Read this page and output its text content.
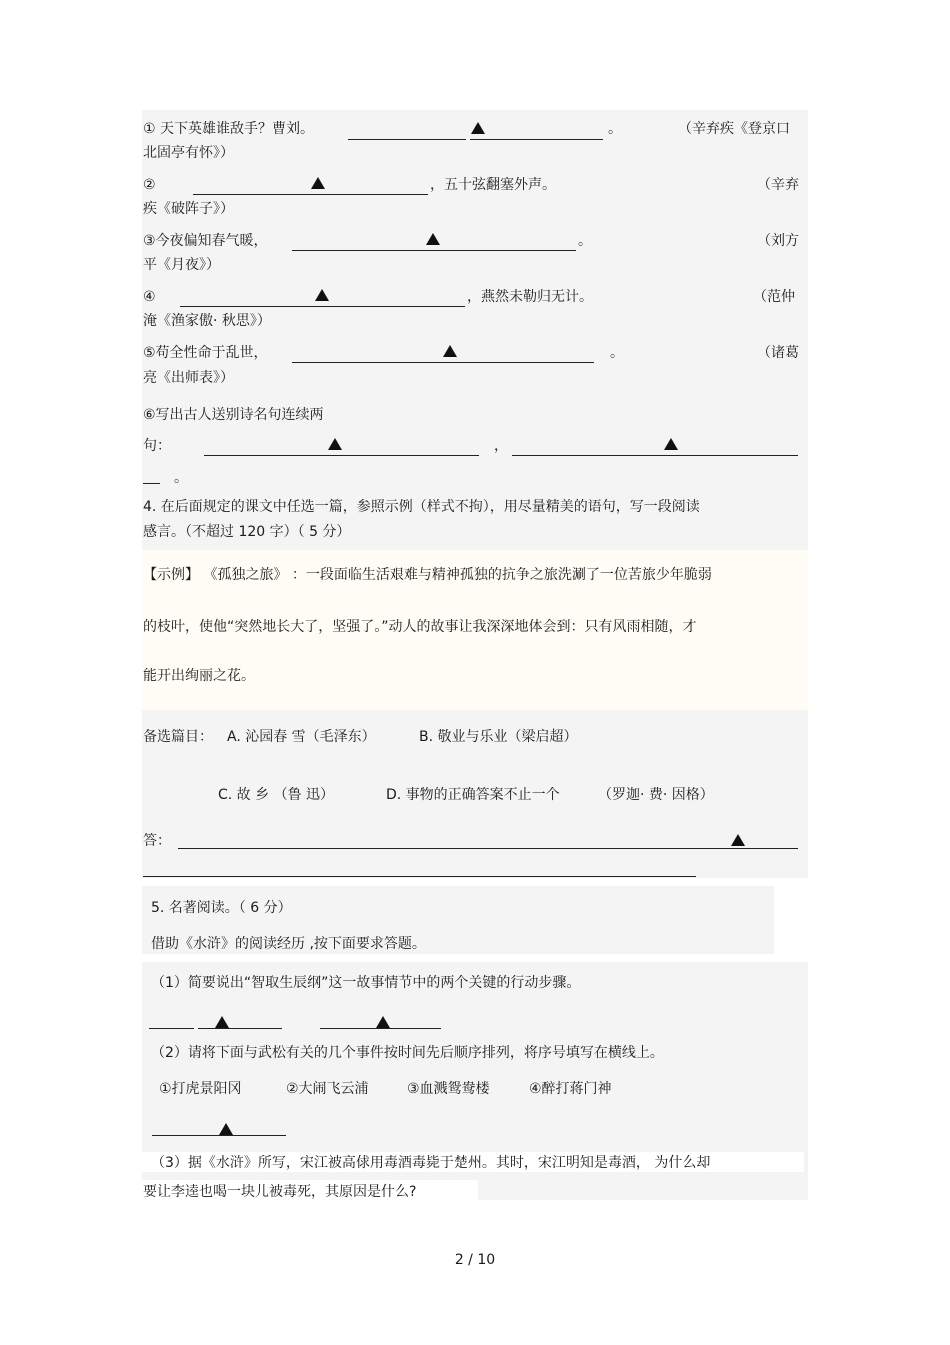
① 天下英雄谁敌手？曹刘。	。	（辛弃疾《登京口
北固亭有怀》）
②	，五十弦翻塞外声。	（辛弃
疾《破阵子》）
③今夜偏知春气暖，	。	（刘方
平《月夜》）
④	，燕然未勒归无计。	（范仲
淹《渔家傲· 秋思》）
⑤苟全性命于乱世，	。	（诸葛
亮《出师表》）
⑥写出古人送别诗名句连续两
句：	，
。
4. 在后面规定的课文中任选一篇，参照示例（样式不拘），用尽量精美的语句，写一段阅读
感言。（不超过 120 字）（ 5 分）
【示例】 《孤独之旅》 ：一段面临生活艰难与精神孤独的抗争之旅洗涮了一位苦旅少年脆弱
的枝叶，使他“突然地长大了，坚强了。”动人的故事让我深深地体会到：只有风雨相随，才
能开出绚丽之花。
备选篇目： A. 沁园春 雪（毛泽东）	B. 敬业与乐业（梁启超）
C. 故 乡 （鲁 迅）	D. 事物的正确答案不止一个	（罗迦· 费· 因格）
答：
5. 名著阅读。（ 6 分）
借助《水浒》的阅读经历 ,按下面要求答题。
（1）简要说出“智取生辰纲”这一故事情节中的两个关键的行动步骤。
（2）请将下面与武松有关的几个事件按时间先后顺序排列，将序号填写在横线上。
①打虎景阳冈	②大闹飞云浦	③血溅鸳鸯楼	④醉打蒋门神
（3）据《水浒》所写，宋江被高俅用毒酒毒毙于楚州。其时，宋江明知是毒酒， 为什么却
要让李逵也喝一块儿被毒死，其原因是什么?
2 / 10
